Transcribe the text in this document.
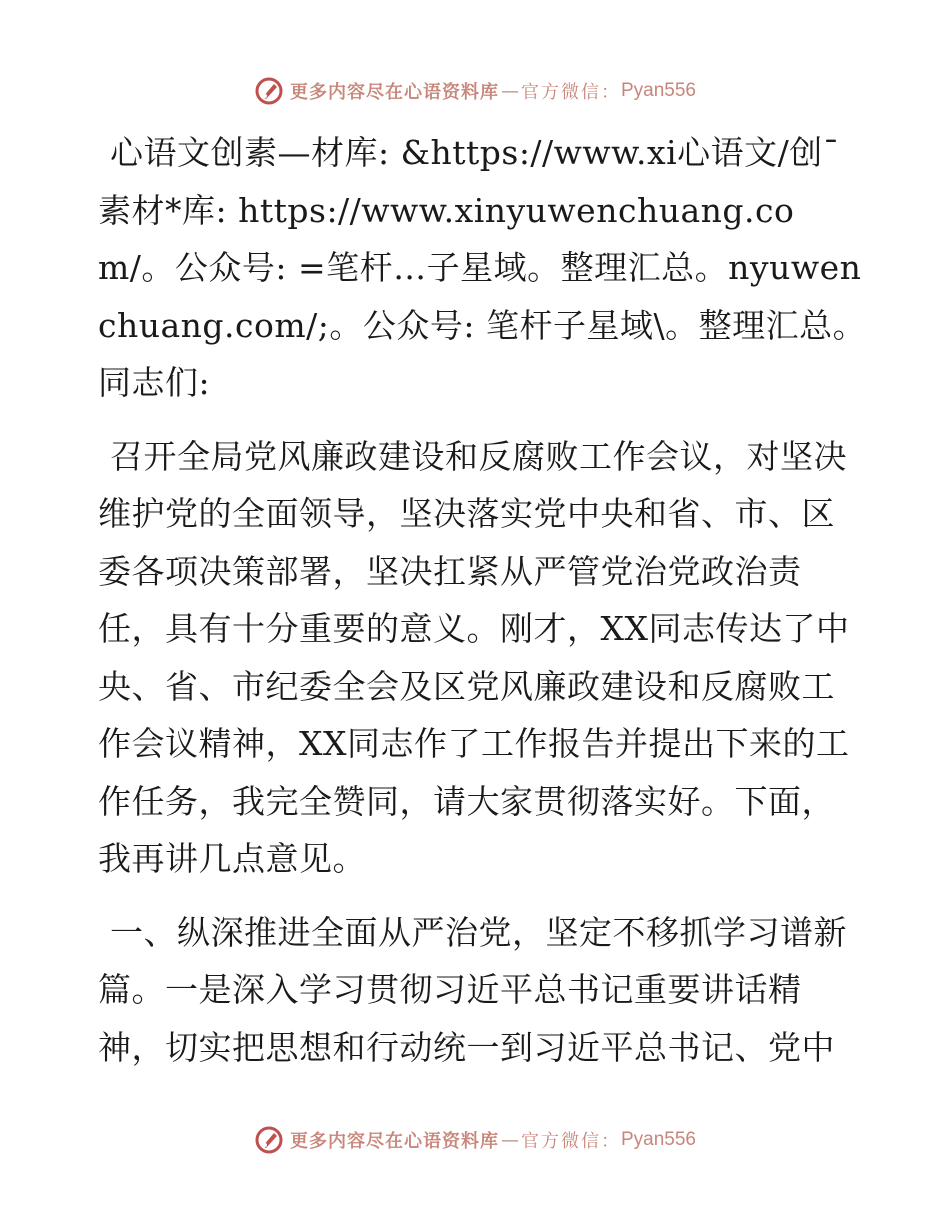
更多内容尽在心语资料库 — 官方微信： Pyan556

心语文创素—材库: &https://www.xi心语文/创¯素材*库: https://www.xinyuwenchuang.com/。公众号: =笔杆…子星域。整理汇总。nyuwenchuang.com/;。公众号: 笔杆子星域\。整理汇总。同志们:

召开全局党风廉政建设和反腐败工作会议，对坚决维护党的全面领导，坚决落实党中央和省、市、区委各项决策部署，坚决扛紧从严管党治党政治责任，具有十分重要的意义。刚才，XX同志传达了中央、省、市纪委全会及区党风廉政建设和反腐败工作会议精神，XX同志作了工作报告并提出下来的工作任务，我完全赞同，请大家贯彻落实好。下面，我再讲几点意见。

一、纵深推进全面从严治党，坚定不移抓学习谱新篇。一是深入学习贯彻习近平总书记重要讲话精神，切实把思想和行动统一到习近平总书记、党中

更多内容尽在心语资料库 — 官方微信： Pyan556
